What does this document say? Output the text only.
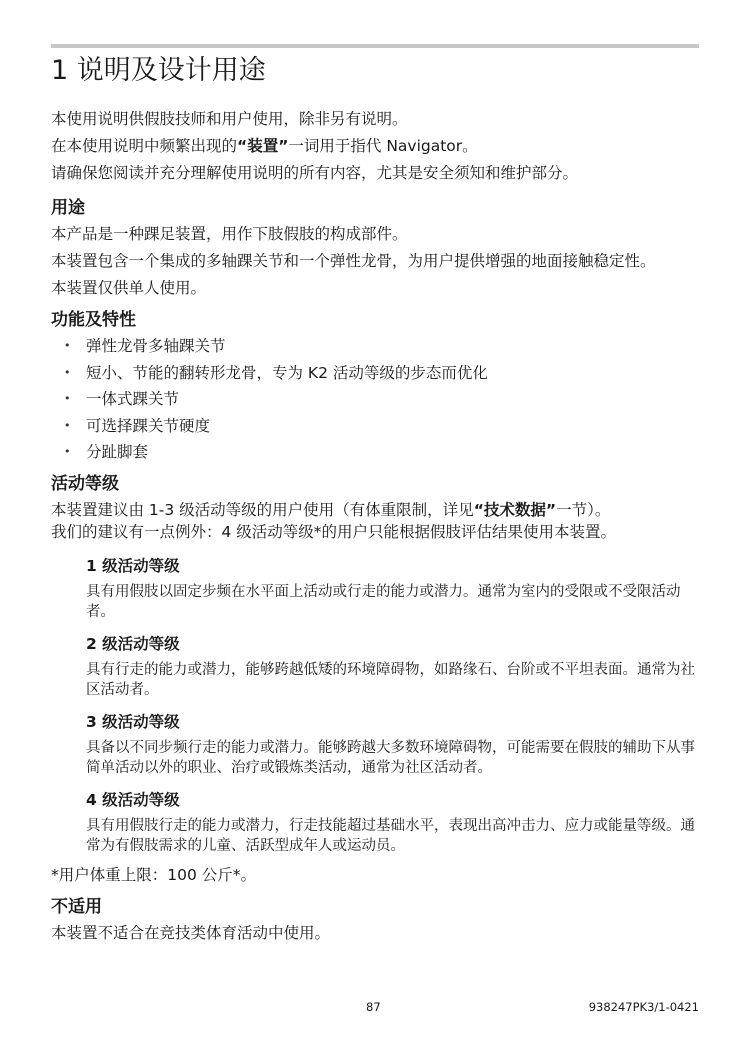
1 说明及设计用途

本使用说明供假肢技师和用户使用，除非另有说明。

在本使用说明中频繁出现的“装置”一词用于指代 Navigator。

请确保您阅读并充分理解使用说明的所有内容，尤其是安全须知和维护部分。

用途

本产品是一种踝足装置，用作下肢假肢的构成部件。

本装置包含一个集成的多轴踝关节和一个弹性龙骨，为用户提供增强的地面接触稳定性。

本装置仅供单人使用。

功能及特性
• 弹性龙骨多轴踝关节
• 短小、节能的翻转形龙骨，专为 K2 活动等级的步态而优化
• 一体式踝关节
• 可选择踝关节硬度
• 分趾脚套
活动等级

本装置建议由 1-3 级活动等级的用户使用（有体重限制，详见“技术数据”一节）。

我们的建议有一点例外：4 级活动等级*的用户只能根据假肢评估结果使用本装置。

1 级活动等级

具有用假肢以固定步频在水平面上活动或行走的能力或潜力。通常为室内的受限或不受限活动者。

2 级活动等级

具有行走的能力或潜力，能够跨越低矮的环境障碍物，如路缘石、台阶或不平坦表面。通常为社区活动者。

3 级活动等级

具备以不同步频行走的能力或潜力。能够跨越大多数环境障碍物，可能需要在假肢的辅助下从事简单活动以外的职业、治疗或锻炼类活动，通常为社区活动者。

4 级活动等级

具有用假肢行走的能力或潜力，行走技能超过基础水平，表现出高冲击力、应力或能量等级。通常为有假肢需求的儿童、活跃型成年人或运动员。

*用户体重上限：100 公斤*。

不适用

本装置不适合在竞技类体育活动中使用。

87	938247PK3/1-0421
